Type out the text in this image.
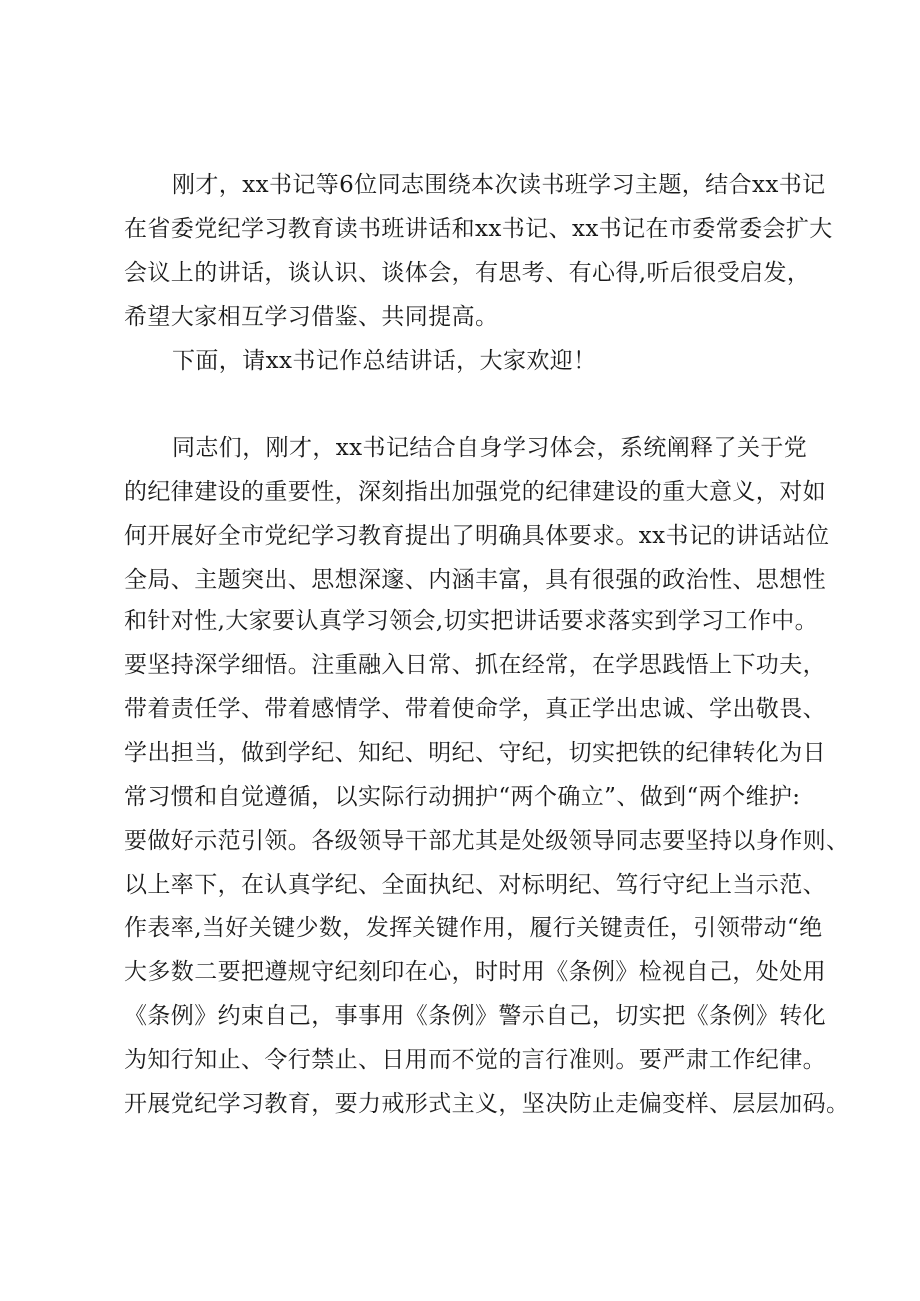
刚才，xx书记等6位同志围绕本次读书班学习主题，结合xx书记
在省委党纪学习教育读书班讲话和xx书记、xx书记在市委常委会扩大
会议上的讲话，谈认识、谈体会，有思考、有心得,听后很受启发，
希望大家相互学习借鉴、共同提高。
下面，请xx书记作总结讲话，大家欢迎！
同志们，刚才，xx书记结合自身学习体会，系统阐释了关于党
的纪律建设的重要性，深刻指出加强党的纪律建设的重大意义，对如
何开展好全市党纪学习教育提出了明确具体要求。xx书记的讲话站位
全局、主题突出、思想深邃、内涵丰富，具有很强的政治性、思想性
和针对性,大家要认真学习领会,切实把讲话要求落实到学习工作中。
要坚持深学细悟。注重融入日常、抓在经常，在学思践悟上下功夫，
带着责任学、带着感情学、带着使命学，真正学出忠诚、学出敬畏、
学出担当，做到学纪、知纪、明纪、守纪，切实把铁的纪律转化为日
常习惯和自觉遵循，以实际行动拥护“两个确立”、做到“两个维护:
要做好示范引领。各级领导干部尤其是处级领导同志要坚持以身作则、
以上率下，在认真学纪、全面执纪、对标明纪、笃行守纪上当示范、
作表率,当好关键少数，发挥关键作用，履行关键责任，引领带动“绝
大多数二要把遵规守纪刻印在心，时时用《条例》检视自己，处处用
《条例》约束自己，事事用《条例》警示自己，切实把《条例》转化
为知行知止、令行禁止、日用而不觉的言行准则。要严肃工作纪律。
开展党纪学习教育，要力戒形式主义，坚决防止走偏变样、层层加码。
